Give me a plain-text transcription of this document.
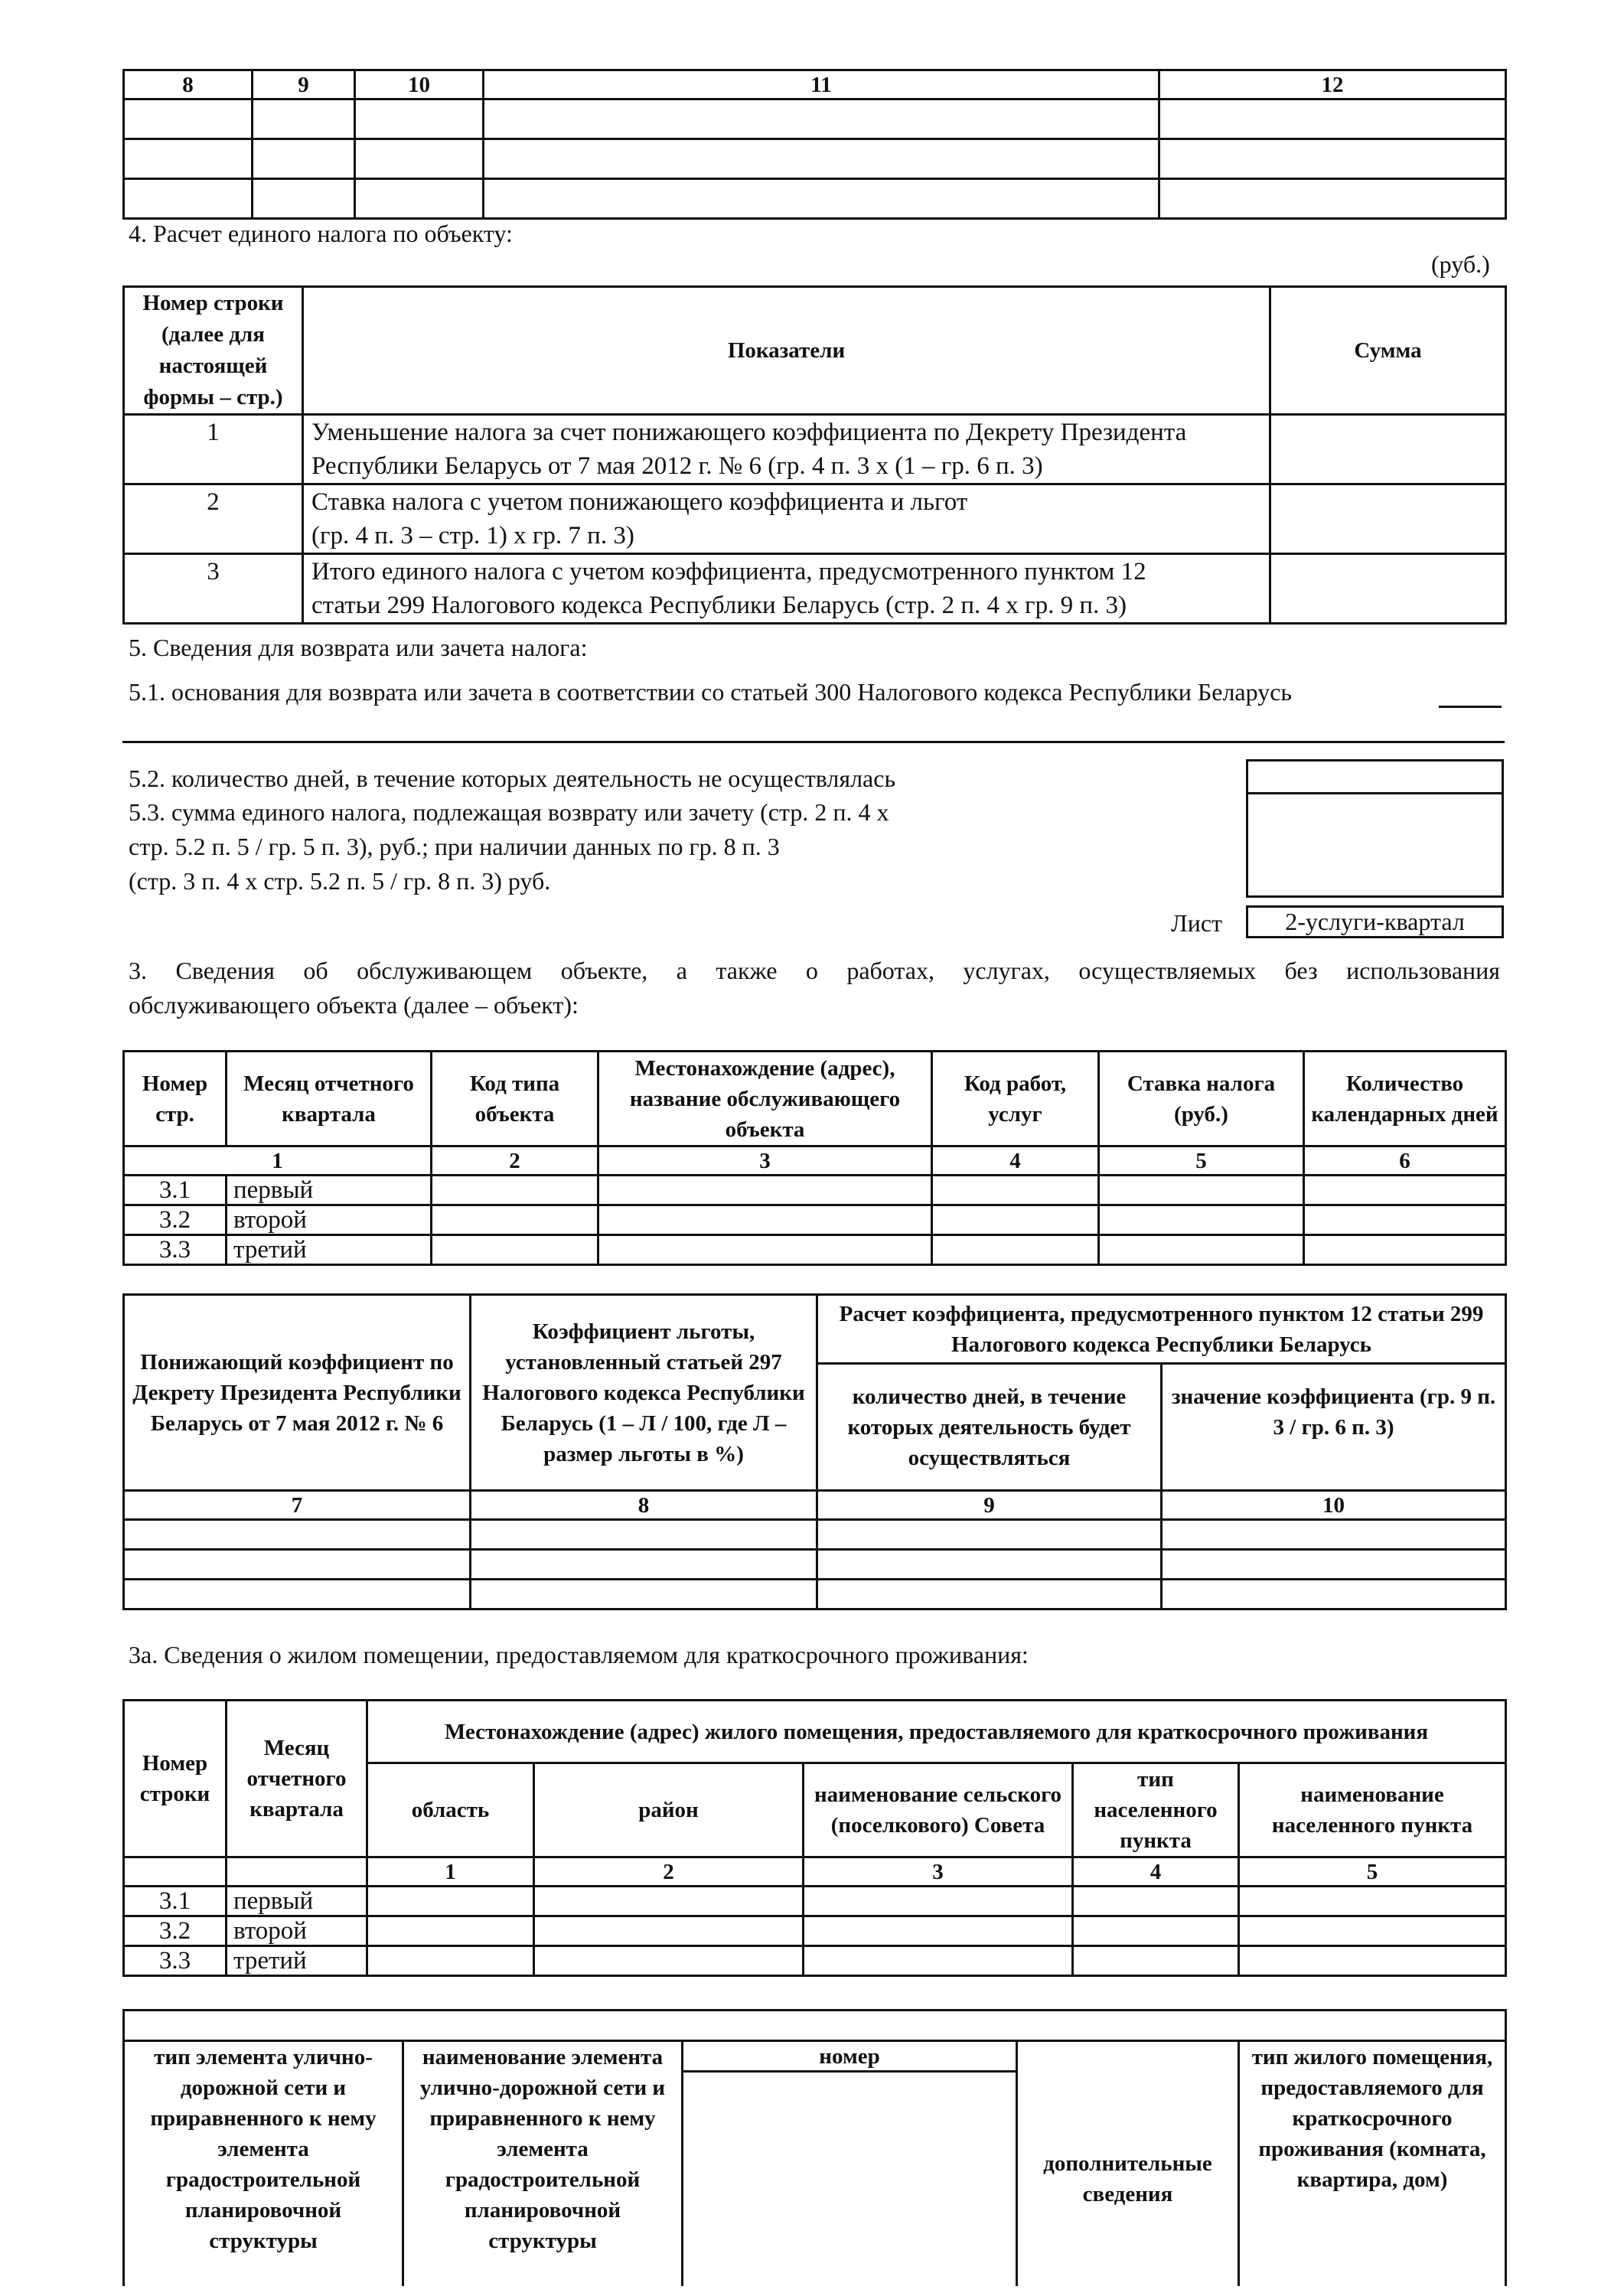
8	9	10	11	12

4. Расчет единого налога по объекту:
(руб.)
Номер строки (далее для настоящей формы – стр.)	Показатели	Сумма
1	Уменьшение налога за счет понижающего коэффициента по Декрету Президента
Республики Беларусь от 7 мая 2012 г. № 6 (гр. 4 п. 3 х (1 – гр. 6 п. 3)	

2	Ставка налога с учетом понижающего коэффициента и льгот
(гр. 4 п. 3 – стр. 1) х гр. 7 п. 3)	

3	Итого единого налога с учетом коэффициента, предусмотренного пунктом 12
статьи 299 Налогового кодекса Республики Беларусь (стр. 2 п. 4 х гр. 9 п. 3)	

5. Сведения для возврата или зачета налога:
5.1. основания для возврата или зачета в соответствии со статьей 300 Налогового кодекса Республики Беларусь
5.2. количество дней, в течение которых деятельность не осуществлялась
5.3. сумма единого налога, подлежащая возврату или зачету (стр. 2 п. 4 х
стр. 5.2 п. 5 / гр. 5 п. 3), руб.; при наличии данных по гр. 8 п. 3
(стр. 3 п. 4 х стр. 5.2 п. 5 / гр. 8 п. 3) руб.
Лист	2-услуги-квартал
3. Сведения об обслуживающем объекте, а также о работах, услугах, осуществляемых без использования
обслуживающего объекта (далее – объект):
Номер стр.	Месяц отчетного квартала	Код типа объекта	Местонахождение (адрес), название обслуживающего объекта	Код работ, услуг	Ставка налога (руб.)	Количество календарных дней
1		2	3	4	5	6
3.1	первый					
3.2	второй					
3.3	третий					
Понижающий коэффициент по Декрету Президента Республики Беларусь от 7 мая 2012 г. № 6	Коэффициент льготы, установленный статьей 297 Налогового кодекса Республики Беларусь (1 – Л / 100, где Л – размер льготы в %)	Расчет коэффициента, предусмотренного пунктом 12 статьи 299 Налогового кодекса Республики Беларусь	
		количество дней, в течение которых деятельность будет осуществляться	значение коэффициента (гр. 9 п. 3 / гр. 6 п. 3)
7	8	9	10

3а. Сведения о жилом помещении, предоставляемом для краткосрочного проживания:
Номер строки	Месяц отчетного квартала	Местонахождение (адрес) жилого помещения, предоставляемого для краткосрочного проживания				
		область	район	наименование сельского (поселкового) Совета	тип населенного пункта	наименование населенного пункта
		1	2	3	4	5
3.1	первый					
3.2	второй					
3.3	третий					

тип элемента улично-дорожной сети и приравненного к нему элемента градостроительной планировочной структуры	наименование элемента улично-дорожной сети и приравненного к нему элемента градостроительной планировочной структуры	номер	дополнительные сведения	тип жилого помещения, предоставляемого для краткосрочного проживания (комната, квартира, дом)
